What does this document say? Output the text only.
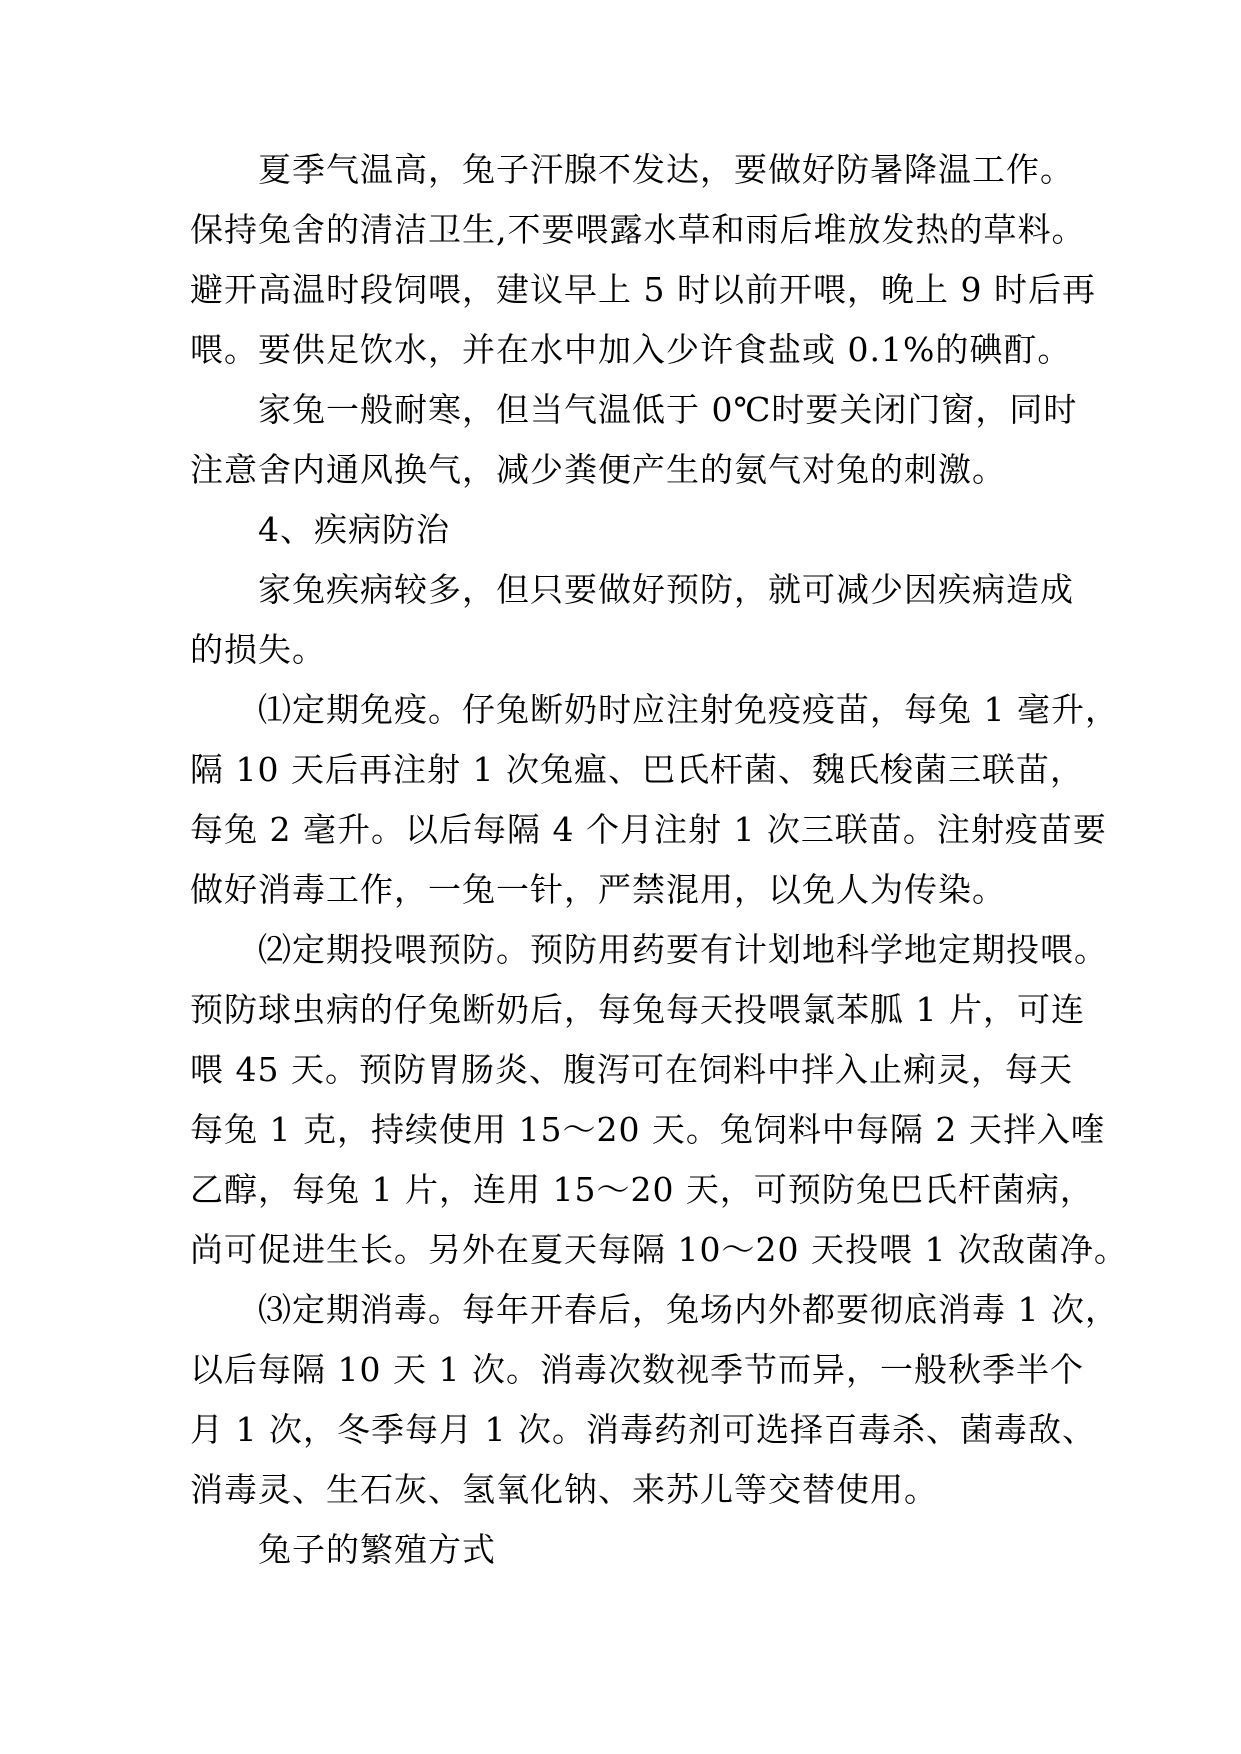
夏季气温高，兔子汗腺不发达，要做好防暑降温工作。
保持兔舍的清洁卫生,不要喂露水草和雨后堆放发热的草料。
避开高温时段饲喂，建议早上 5 时以前开喂，晚上 9 时后再
喂。要供足饮水，并在水中加入少许食盐或 0.1%的碘酊。
家兔一般耐寒，但当气温低于 0℃时要关闭门窗，同时
注意舍内通风换气，减少粪便产生的氨气对兔的刺激。
4、疾病防治
家兔疾病较多，但只要做好预防，就可减少因疾病造成
的损失。
⑴定期免疫。仔兔断奶时应注射免疫疫苗，每兔 1 毫升，
隔 10 天后再注射 1 次兔瘟、巴氏杆菌、魏氏梭菌三联苗，
每兔 2 毫升。以后每隔 4 个月注射 1 次三联苗。注射疫苗要
做好消毒工作，一兔一针，严禁混用，以免人为传染。
⑵定期投喂预防。预防用药要有计划地科学地定期投喂。
预防球虫病的仔兔断奶后，每兔每天投喂氯苯胍 1 片，可连
喂 45 天。预防胃肠炎、腹泻可在饲料中拌入止痢灵，每天
每兔 1 克，持续使用 15～20 天。兔饲料中每隔 2 天拌入喹
乙醇，每兔 1 片，连用 15～20 天，可预防兔巴氏杆菌病，
尚可促进生长。另外在夏天每隔 10～20 天投喂 1 次敌菌净。
⑶定期消毒。每年开春后，兔场内外都要彻底消毒 1 次，
以后每隔 10 天 1 次。消毒次数视季节而异，一般秋季半个
月 1 次，冬季每月 1 次。消毒药剂可选择百毒杀、菌毒敌、
消毒灵、生石灰、氢氧化钠、来苏儿等交替使用。
兔子的繁殖方式
